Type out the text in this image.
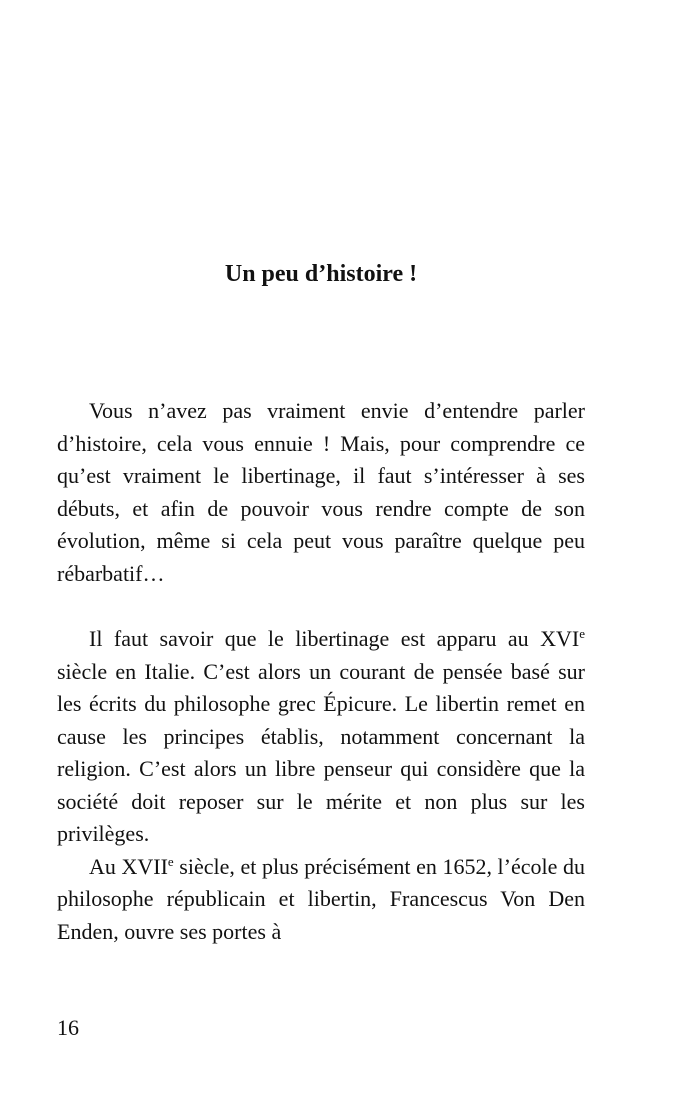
Un peu d’histoire !

Vous n’avez pas vraiment envie d’entendre parler d’histoire, cela vous ennuie ! Mais, pour comprendre ce qu’est vraiment le libertinage, il faut s’intéresser à ses débuts, et afin de pouvoir vous rendre compte de son évolution, même si cela peut vous paraître quelque peu rébarbatif…

Il faut savoir que le libertinage est apparu au XVIe siècle en Italie. C’est alors un courant de pensée basé sur les écrits du philosophe grec Épicure. Le libertin remet en cause les principes établis, notamment concernant la religion. C’est alors un libre penseur qui considère que la société doit reposer sur le mérite et non plus sur les privilèges.

Au XVIIe siècle, et plus précisément en 1652, l’école du philosophe républicain et libertin, Francescus Von Den Enden, ouvre ses portes à

16
